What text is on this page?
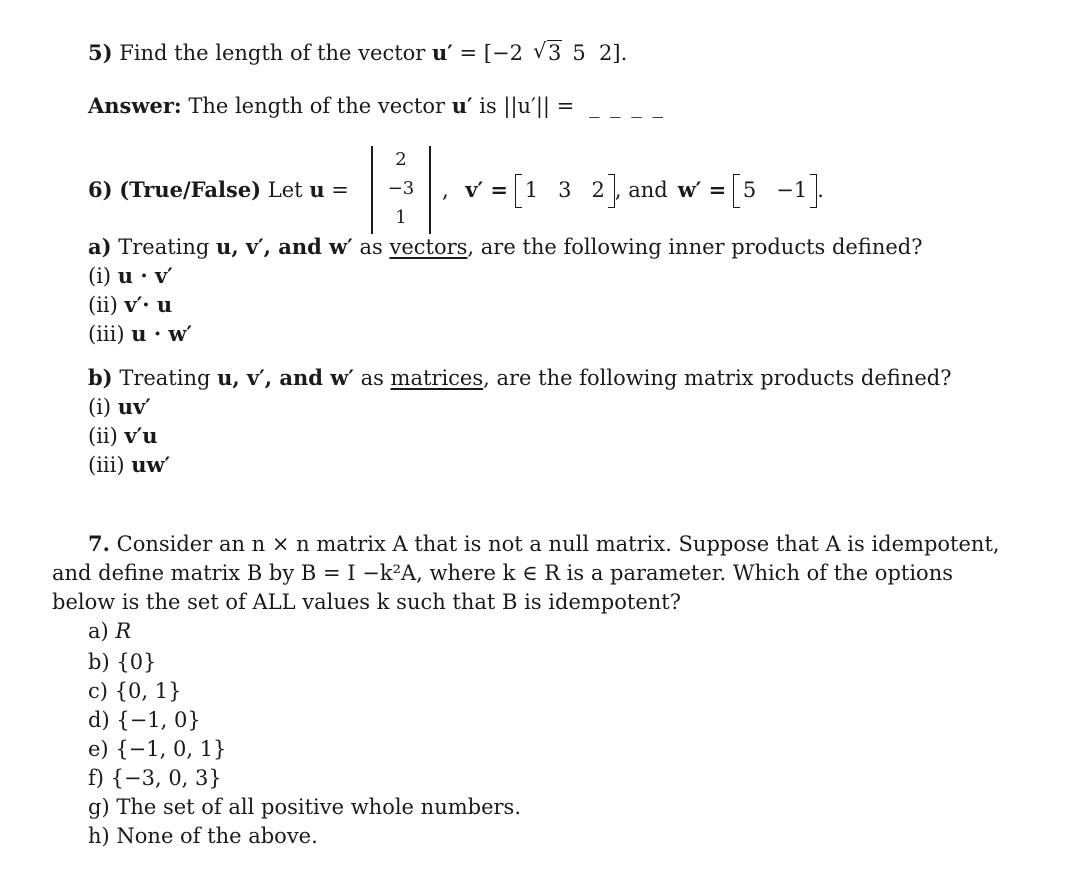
5) Find the length of the vector u′ = [−2√ 3 5  2].
Answer: The length of the vector u′ is ||u′|| = _ _ _ _
6) (True/False) Let u =
2
−3
1
, v′ = 1   3   2 , and w′ = 5   −1 .
a) Treating u, v′, and w′ as vectors, are the following inner products defined?
(i) u · v′
(ii) v′· u
(iii) u · w′
b) Treating u, v′, and w′ as matrices, are the following matrix products defined?
(i) uv′
(ii) v′u
(iii) uw′
7. Consider an n × n matrix A that is not a null matrix. Suppose that A is idempotent,
and define matrix B by B = I −k²A, where k ∈ R is a parameter. Which of the options
below is the set of ALL values k such that B is idempotent?
a) R
b) {0}
c) {0, 1}
d) {−1, 0}
e) {−1, 0, 1}
f) {−3, 0, 3}
g) The set of all positive whole numbers.
h) None of the above.
